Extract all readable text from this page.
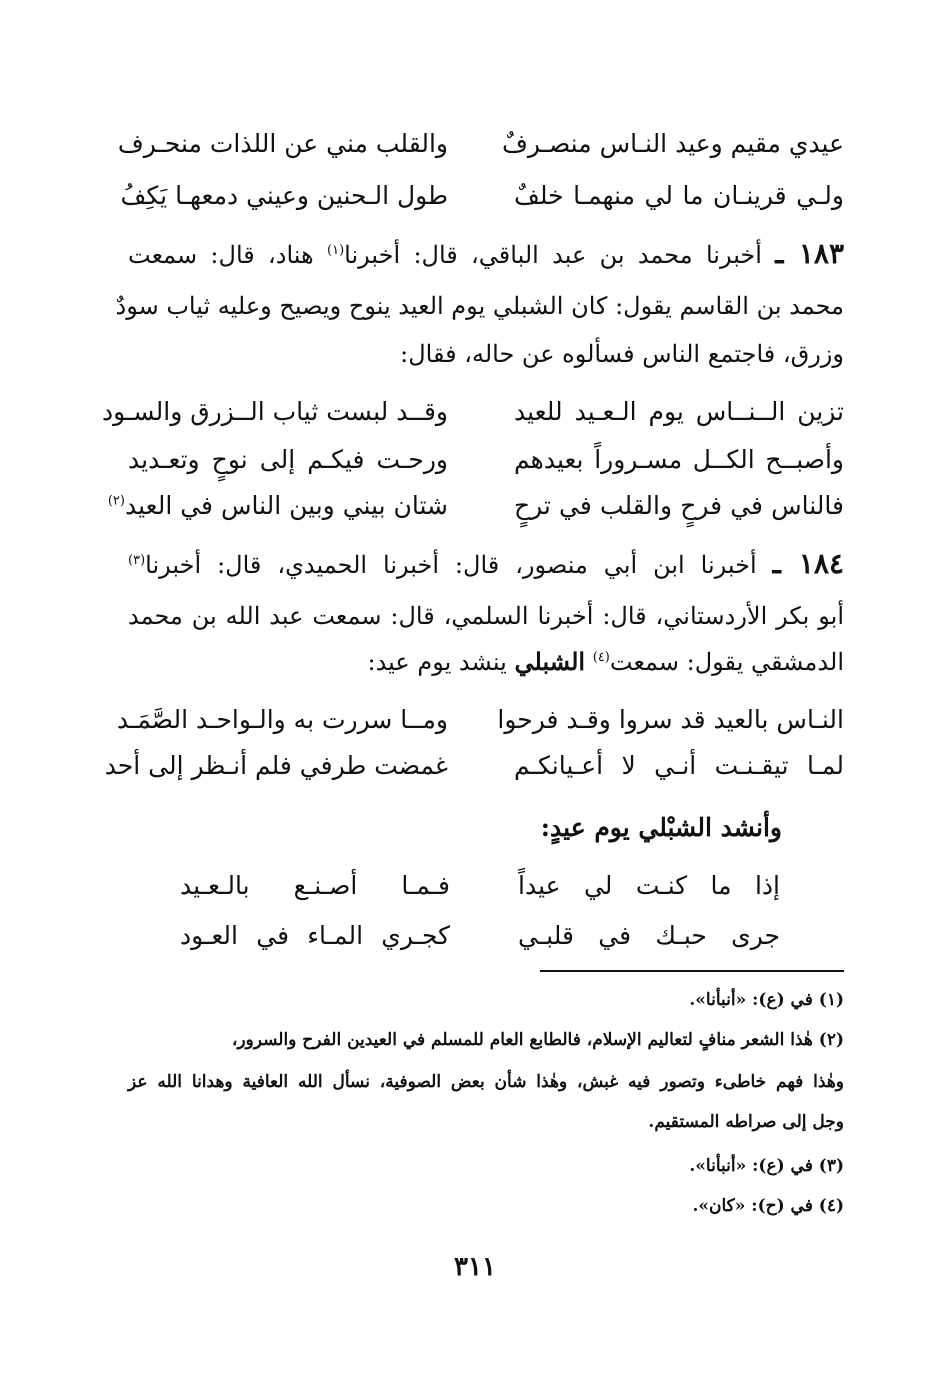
عيدي مقيم وعيد النـاس منصـرفٌ
والقلب مني عن اللذات منحـرف
ولـي قرينـان ما لي منهمـا خلفٌ
طول الـحنين وعيني دمعهـا يَكِفُ
١٨٣ ـ أخبرنا محمد بن عبد الباقي، قال: أخبرنا$^{(١)}$ هناد، قال: سمعت
محمد بن القاسم يقول: كان الشبلي يوم العيد ينوح ويصيح وعليه ثياب سودٌ
وزرق، فاجتمع الناس فسألوه عن حاله، فقال:
تزين الــنــاس يوم الـعـيد للعيد
وقــد لبست ثياب الــزرق والسـود
وأصبــح الكــل مسـروراً بعيدهم
ورحـت فيكـم إلى نوحٍ وتعـديد
فالناس في فرحٍ والقلب في ترحٍ
شتان بيني وبين الناس في العيد$^{(٢)}$
١٨٤ ـ أخبرنا ابن أبي منصور، قال: أخبرنا الحميدي، قال: أخبرنا$^{(٣)}$
أبو بكر الأردستاني، قال: أخبرنا السلمي، قال: سمعت عبد الله بن محمد
الدمشقي يقول: سمعت$^{(٤)}$ الشبلي ينشد يوم عيد:
النـاس بالعيد قد سروا وقـد فرحوا
ومــا سررت به والـواحـد الصَّمَـد
لمـا تيقـنـت أنـي لا أعـيانكـم
غمضت طرفي فلم أنـظر إلى أحد
وأنشد الشبْلي يوم عيدٍ:
إذا ما كنـت لي عيداً
فـمـا أصـنـع بالـعـيد
جرى حبـك في قلبـي
كجـري المـاء في العـود
(١) في (ع): «أنبأنا».
(٢) هٰذا الشعر منافٍ لتعاليم الإسلام، فالطابع العام للمسلم في العيدين الفرح والسرور،
وهٰذا فهم خاطىء وتصور فيه غبش، وهٰذا شأن بعض الصوفية، نسأل الله العافية وهدانا الله عز
وجل إلى صراطه المستقيم.
(٣) في (ع): «أنبأنا».
(٤) في (ح): «كان».
٣١١
